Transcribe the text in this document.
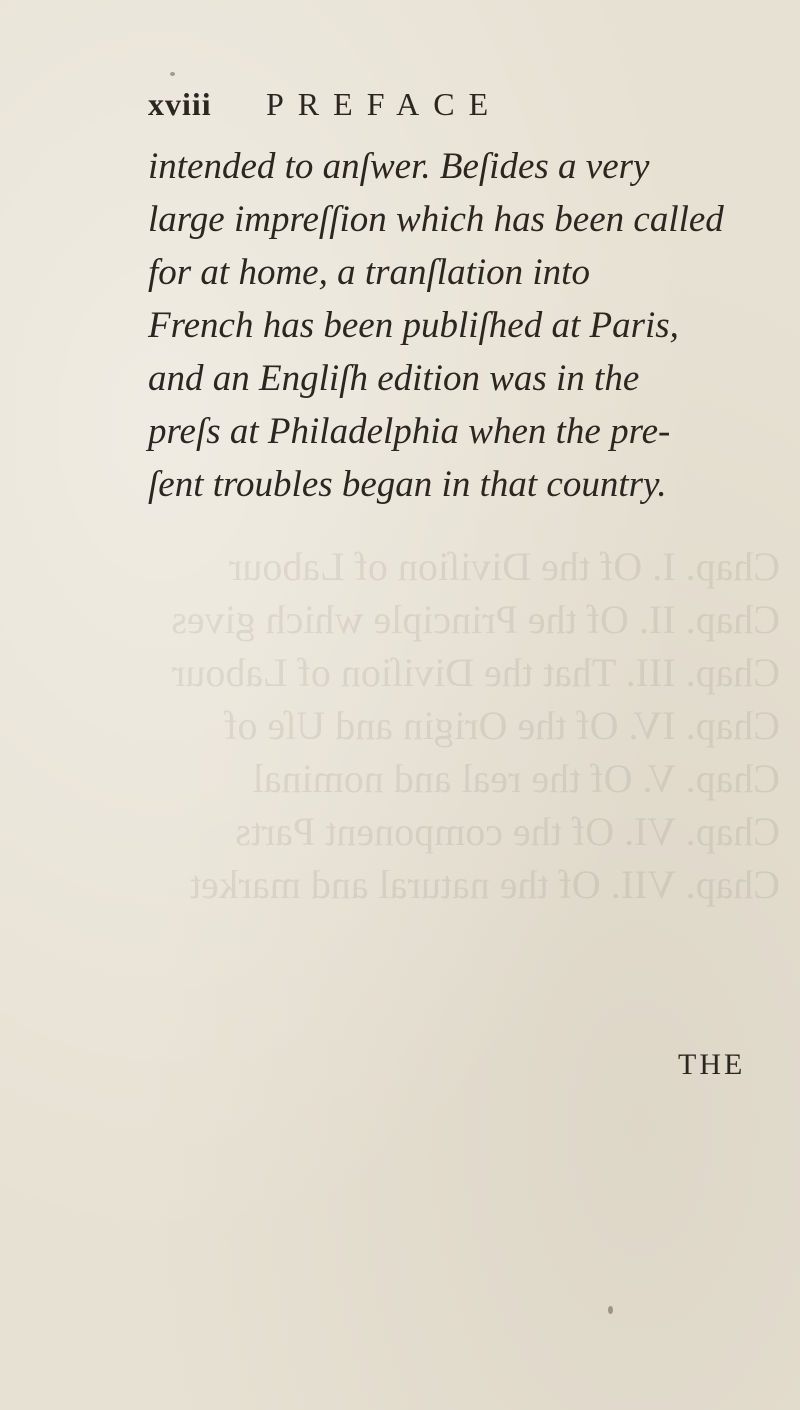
Chap. I. Of the Diviſion of Labour
Chap. II. Of the Principle which gives
Chap. III. That the Diviſion of Labour
Chap. IV. Of the Origin and Uſe of
Chap. V. Of the real and nominal
Chap. VI. Of the component Parts
Chap. VII. Of the natural and market
xviii PREFACE
intended to anſwer. Beſides a very
large impreſſion which has been called
for at home, a tranſlation into
French has been publiſhed at Paris,
and an Engliſh edition was in the
preſs at Philadelphia when the pre-
ſent troubles began in that country.
THE
